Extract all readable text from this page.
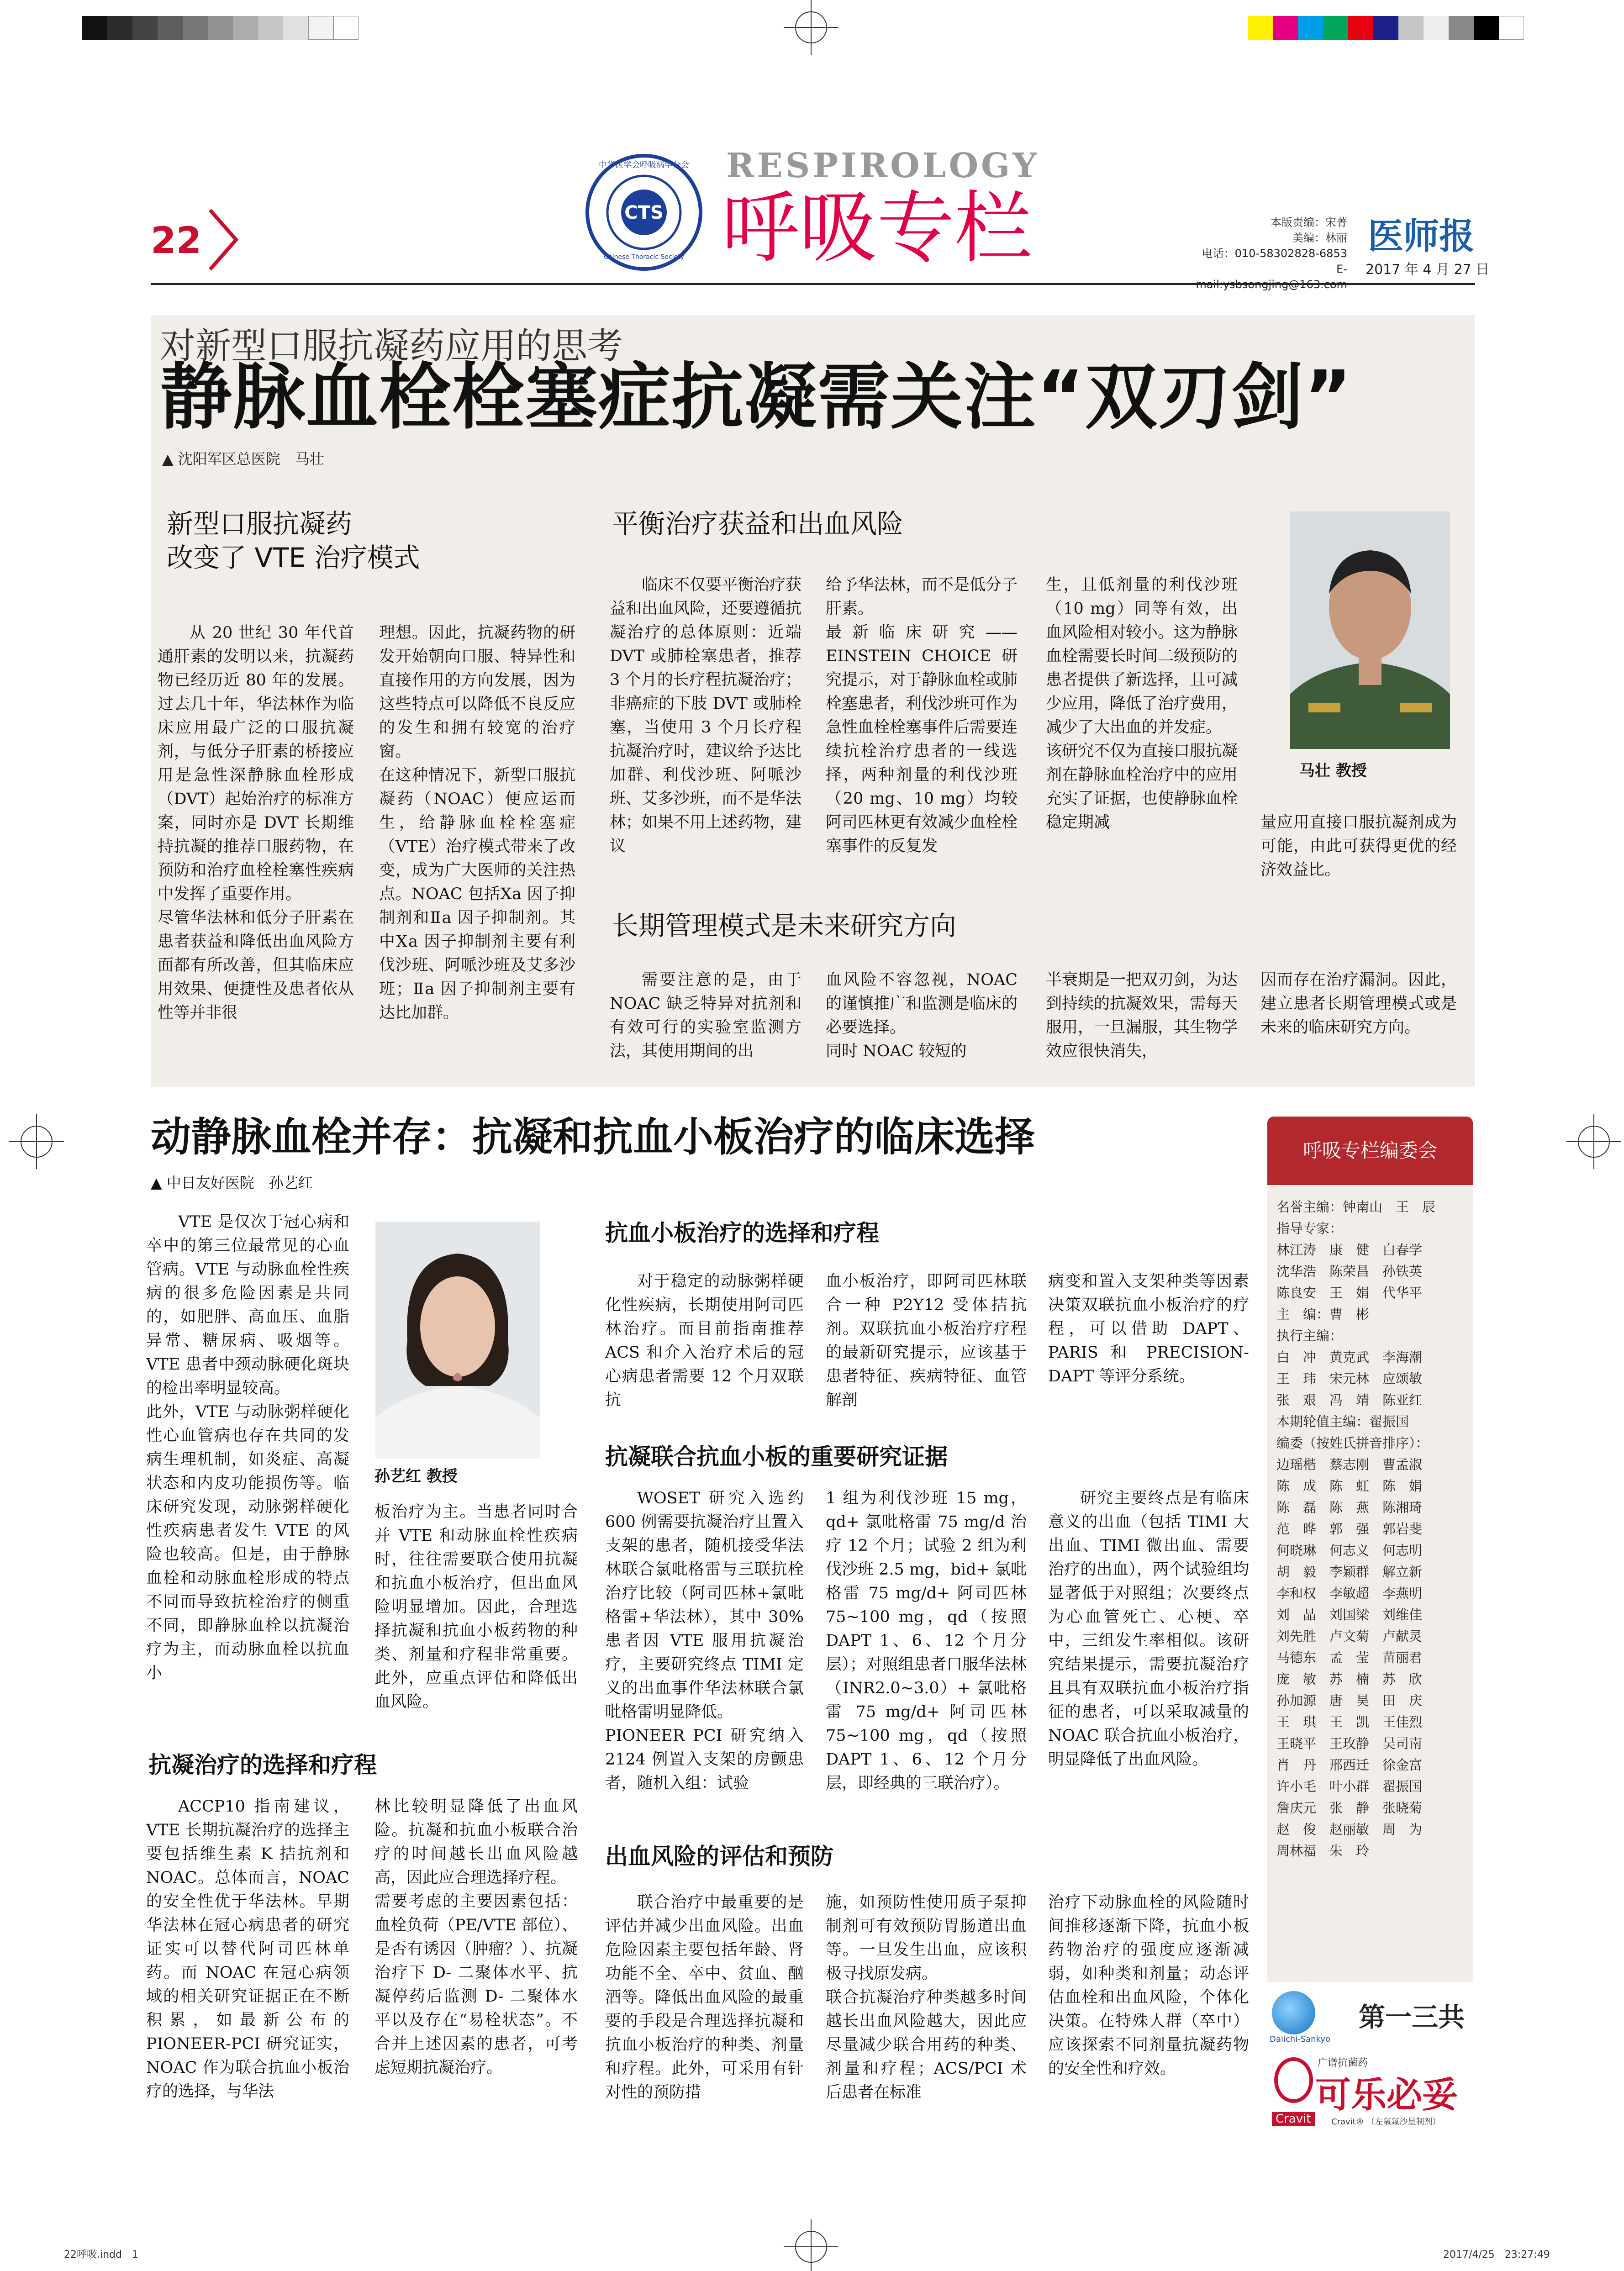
22
CTS
中华医学会呼吸病学分会
Chinese Thoracic Society
RESPIROLOGY
呼吸专栏	本版责编：宋菁
美编：林丽
电话：010-58302828-6853
E-
医师报
2017 年 4 月 27 日
对新型口服抗凝药应用的思考
静脉血栓栓塞症抗凝需关注“双刃剑”
▲ 沈阳军区总医院　马壮
新型口服抗凝药
改变了 VTE 治疗模式
平衡治疗获益和出血风险
长期管理模式是未来研究方向
从 20 世纪 30 年代首通肝素的发明以来，抗凝药物已经历近 80 年的发展。过去几十年，华法林作为临床应用最广泛的口服抗凝剂，与低分子肝素的桥接应用是急性深静脉血栓形成（DVT）起始治疗的标准方案，同时亦是 DVT 长期维持抗凝的推荐口服药物，在预防和治疗血栓栓塞性疾病中发挥了重要作用。
尽管华法林和低分子肝素在患者获益和降低出血风险方面都有所改善，但其临床应用效果、便捷性及患者依从性等并非很
理想。因此，抗凝药物的研发开始朝向口服、特异性和直接作用的方向发展，因为这些特点可以降低不良反应的发生和拥有较宽的治疗窗。
在这种情况下，新型口服抗凝药（NOAC）便应运而生，给静脉血栓栓塞症（VTE）治疗模式带来了改变，成为广大医师的关注热点。NOAC 包括Ⅹa 因子抑制剂和Ⅱa 因子抑制剂。其中Ⅹa 因子抑制剂主要有利伐沙班、阿哌沙班及艾多沙班；Ⅱa 因子抑制剂主要有达比加群。
临床不仅要平衡治疗获益和出血风险，还要遵循抗凝治疗的总体原则：近端 DVT 或肺栓塞患者，推荐 3 个月的长疗程抗凝治疗；非癌症的下肢 DVT 或肺栓塞，当使用 3 个月长疗程抗凝治疗时，建议给予达比加群、利伐沙班、阿哌沙班、艾多沙班，而不是华法林；如果不用上述药物，建议
给予华法林，而不是低分子肝素。
最新临床研究——EINSTEIN CHOICE 研究提示，对于静脉血栓或肺栓塞患者，利伐沙班可作为急性血栓栓塞事件后需要连续抗栓治疗患者的一线选择，两种剂量的利伐沙班（20 mg、10 mg）均较阿司匹林更有效减少血栓栓塞事件的反复发
生，且低剂量的利伐沙班（10 mg）同等有效，出血风险相对较小。这为静脉血栓需要长时间二级预防的患者提供了新选择，且可减少应用，降低了治疗费用，减少了大出血的并发症。
该研究不仅为直接口服抗凝剂在静脉血栓治疗中的应用充实了证据，也使静脉血栓稳定期减	量应用直接口服抗凝剂成为可能，由此可获得更优的经济效益比。
马壮 教授
需要注意的是，由于 NOAC 缺乏特异对抗剂和有效可行的实验室监测方法，其使用期间的出
血风险不容忽视，NOAC 的谨慎推广和监测是临床的必要选择。
同时 NOAC 较短的
半衰期是一把双刃剑，为达到持续的抗凝效果，需每天服用，一旦漏服，其生物学效应很快消失，
因而存在治疗漏洞。因此，建立患者长期管理模式或是未来的临床研究方向。
动静脉血栓并存：抗凝和抗血小板治疗的临床选择
▲ 中日友好医院　孙艺红
VTE 是仅次于冠心病和卒中的第三位最常见的心血管病。VTE 与动脉血栓性疾病的很多危险因素是共同的，如肥胖、高血压、血脂异常、糖尿病、吸烟等。VTE 患者中颈动脉硬化斑块的检出率明显较高。
此外，VTE 与动脉粥样硬化性心血管病也存在共同的发病生理机制，如炎症、高凝状态和内皮功能损伤等。临床研究发现，动脉粥样硬化性疾病患者发生 VTE 的风险也较高。但是，由于静脉血栓和动脉血栓形成的特点不同而导致抗栓治疗的侧重不同，即静脉血栓以抗凝治疗为主，而动脉血栓以抗血小
孙艺红 教授
板治疗为主。当患者同时合并 VTE 和动脉血栓性疾病时，往往需要联合使用抗凝和抗血小板治疗，但出血风险明显增加。因此，合理选择抗凝和抗血小板药物的种类、剂量和疗程非常重要。此外，应重点评估和降低出血风险。
抗血小板治疗的选择和疗程
对于稳定的动脉粥样硬化性疾病，长期使用阿司匹林治疗。而目前指南推荐 ACS 和介入治疗术后的冠心病患者需要 12 个月双联抗
血小板治疗，即阿司匹林联合一种 P2Y12 受体拮抗剂。双联抗血小板治疗疗程的最新研究提示，应该基于患者特征、疾病特征、血管解剖
病变和置入支架种类等因素决策双联抗血小板治疗的疗程，可以借助 DAPT、PARIS 和 PRECISION-DAPT 等评分系统。
抗凝联合抗血小板的重要研究证据
WOSET 研究入选约 600 例需要抗凝治疗且置入支架的患者，随机接受华法林联合氯吡格雷与三联抗栓治疗比较（阿司匹林+氯吡格雷+华法林），其中 30% 患者因 VTE 服用抗凝治疗，主要研究终点 TIMI 定义的出血事件华法林联合氯吡格雷明显降低。
PIONEER PCI 研究纳入 2124 例置入支架的房颤患者，随机入组：试验
1 组为利伐沙班 15 mg，qd+ 氯吡格雷 75 mg/d 治疗 12 个月；试验 2 组为利伐沙班 2.5 mg，bid+ 氯吡格雷 75 mg/d+ 阿司匹林 75~100 mg，qd（按照 DAPT 1、6、12 个月分层）；对照组患者口服华法林（INR2.0~3.0）+ 氯吡格雷 75 mg/d+ 阿司匹林 75~100 mg，qd（按照 DAPT 1、6、12 个月分层，即经典的三联治疗）。
研究主要终点是有临床意义的出血（包括 TIMI 大出血、TIMI 微出血、需要治疗的出血），两个试验组均显著低于对照组；次要终点为心血管死亡、心梗、卒中，三组发生率相似。该研究结果提示，需要抗凝治疗且具有双联抗血小板治疗指征的患者，可以采取减量的 NOAC 联合抗血小板治疗，明显降低了出血风险。
抗凝治疗的选择和疗程
ACCP10 指南建议，VTE 长期抗凝治疗的选择主要包括维生素 K 拮抗剂和 NOAC。总体而言，NOAC 的安全性优于华法林。早期华法林在冠心病患者的研究证实可以替代阿司匹林单药。而 NOAC 在冠心病领域的相关研究证据正在不断积累，如最新公布的 PIONEER-PCI 研究证实，NOAC 作为联合抗血小板治疗的选择，与华法
林比较明显降低了出血风险。抗凝和抗血小板联合治疗的时间越长出血风险越高，因此应合理选择疗程。
需要考虑的主要因素包括：血栓负荷（PE/VTE 部位）、是否有诱因（肿瘤？）、抗凝治疗下 D- 二聚体水平、抗凝停药后监测 D- 二聚体水平以及存在“易栓状态”。不合并上述因素的患者，可考虑短期抗凝治疗。
出血风险的评估和预防
联合治疗中最重要的是评估并减少出血风险。出血危险因素主要包括年龄、肾功能不全、卒中、贫血、酗酒等。降低出血风险的最重要的手段是合理选择抗凝和抗血小板治疗的种类、剂量和疗程。此外，可采用有针对性的预防措
施，如预防性使用质子泵抑制剂可有效预防胃肠道出血等。一旦发生出血，应该积极寻找原发病。
联合抗凝治疗种类越多时间越长出血风险越大，因此应尽量减少联合用药的种类、剂量和疗程；ACS/PCI 术后患者在标准
治疗下动脉血栓的风险随时间推移逐渐下降，抗血小板药物治疗的强度应逐渐减弱，如种类和剂量；动态评估血栓和出血风险，个体化决策。在特殊人群（卒中）应该探索不同剂量抗凝药物的安全性和疗效。
呼吸专栏编委会
名誉主编：钟南山　王　辰
指导专家：
林江涛　康　健　白春学
沈华浩　陈荣昌　孙铁英
陈良安　王　娟　代华平
主　编：曹　彬
执行主编：
白　冲　黄克武　李海潮
王　玮　宋元林　应颂敏
张　艰　冯　靖　陈亚红
本期轮值主编：翟振国
编委（按姓氏拼音排序）：
边瑶楷　蔡志刚　曹孟淑
陈　成　陈　虹　陈　娟
陈　磊　陈　燕　陈湘琦
范　晔　郭　强　郭岩斐
何晓琳　何志义　何志明
胡　毅　李颖群　解立新
李和权　李敏超　李燕明
刘　晶　刘国梁　刘维佳
刘先胜　卢文菊　卢献灵
马德东　孟　莹　苗丽君
庞　敏　苏　楠　苏　欣
孙加源　唐　昊　田　庆
王　琪　王　凯　王佳烈
王晓平　王玫静　吴司南
肖　丹　邢西迁　徐金富
许小毛　叶小群　翟振国
詹庆元　张　静　张晓菊
赵　俊　赵丽敏　周　为
周林福　朱　玲
Daiichi-Sankyo
第一三共
广谱抗菌药
可乐必妥
Cravit	Cravit® （左氧氟沙星制剂）
22呼吸.indd　1	2017/4/25　23:27:49
